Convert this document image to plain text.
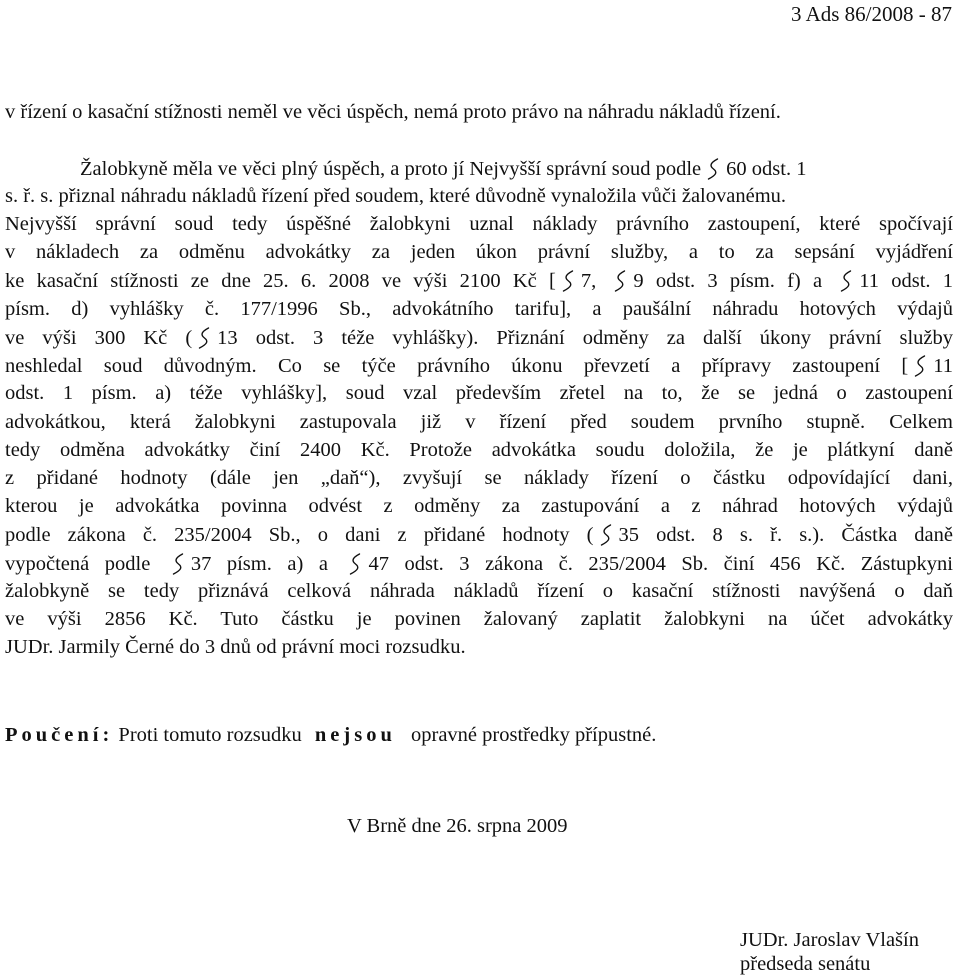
3 Ads 86/2008 - 87
v řízení o kasační stížnosti neměl ve věci úspěch, nemá proto právo na náhradu nákladů řízení.
Žalobkyně měla ve věci plný úspěch, a proto jí Nejvyšší správní soud podle 60 odst. 1
s. ř. s. přiznal náhradu nákladů řízení před soudem, které důvodně vynaložila vůči žalovanému.
Nejvyšší správní soud tedy úspěšné žalobkyni uznal náklady právního zastoupení, které spočívají
v nákladech za odměnu advokátky za jeden úkon právní služby, a to za sepsání vyjádření
ke kasační stížnosti ze dne 25. 6. 2008 ve výši 2100 Kč [ 7, 9 odst. 3 písm. f) a 11 odst. 1
písm. d) vyhlášky č. 177/1996 Sb., advokátního tarifu], a paušální náhradu hotových výdajů
ve výši 300 Kč ( 13 odst. 3 téže vyhlášky). Přiznání odměny za další úkony právní služby
neshledal soud důvodným. Co se týče právního úkonu převzetí a přípravy zastoupení [ 11
odst. 1 písm. a) téže vyhlášky], soud vzal především zřetel na to, že se jedná o zastoupení
advokátkou, která žalobkyni zastupovala již v řízení před soudem prvního stupně. Celkem
tedy odměna advokátky činí 2400 Kč. Protože advokátka soudu doložila, že je plátkyní daně
z přidané hodnoty (dále jen „daň“), zvyšují se náklady řízení o částku odpovídající dani,
kterou je advokátka povinna odvést z odměny za zastupování a z náhrad hotových výdajů
podle zákona č. 235/2004 Sb., o dani z přidané hodnoty ( 35 odst. 8 s. ř. s.). Částka daně
vypočtená podle 37 písm. a) a 47 odst. 3 zákona č. 235/2004 Sb. činí 456 Kč. Zástupkyni
žalobkyně se tedy přiznává celková náhrada nákladů řízení o kasační stížnosti navýšená o daň
ve výši 2856 Kč. Tuto částku je povinen žalovaný zaplatit žalobkyni na účet advokátky
JUDr. Jarmily Černé do 3 dnů od právní moci rozsudku.
Poučení: Proti tomuto rozsudku nejsou opravné prostředky přípustné.
V Brně dne 26. srpna 2009
JUDr. Jaroslav Vlašín
předseda senátu
